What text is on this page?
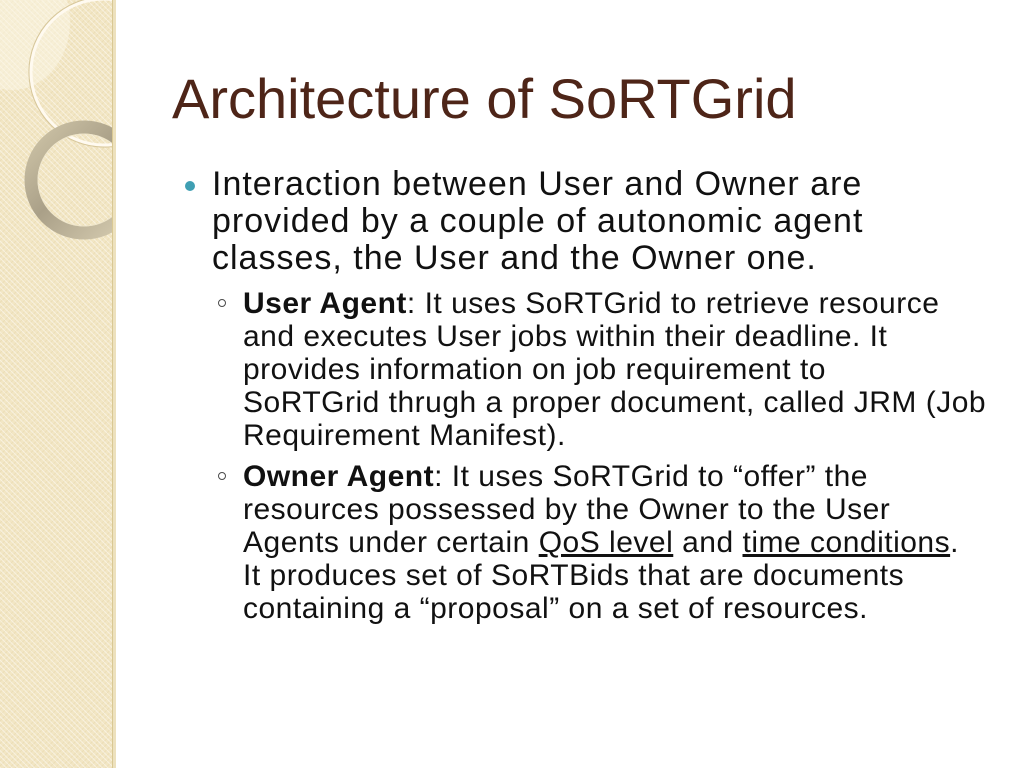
Architecture of SoRTGrid
Interaction between User and Owner are
provided by a couple of autonomic agent
classes, the User and the Owner one.
User Agent: It uses SoRTGrid to retrieve resource
and executes User jobs within their deadline. It
provides information on job requirement to
SoRTGrid thrugh a proper document, called JRM (Job
Requirement Manifest).
Owner Agent: It uses SoRTGrid to “offer” the
resources possessed by the Owner to the User
Agents under certain QoS level and time conditions.
It produces set of SoRTBids that are documents
containing a “proposal” on a set of resources.
